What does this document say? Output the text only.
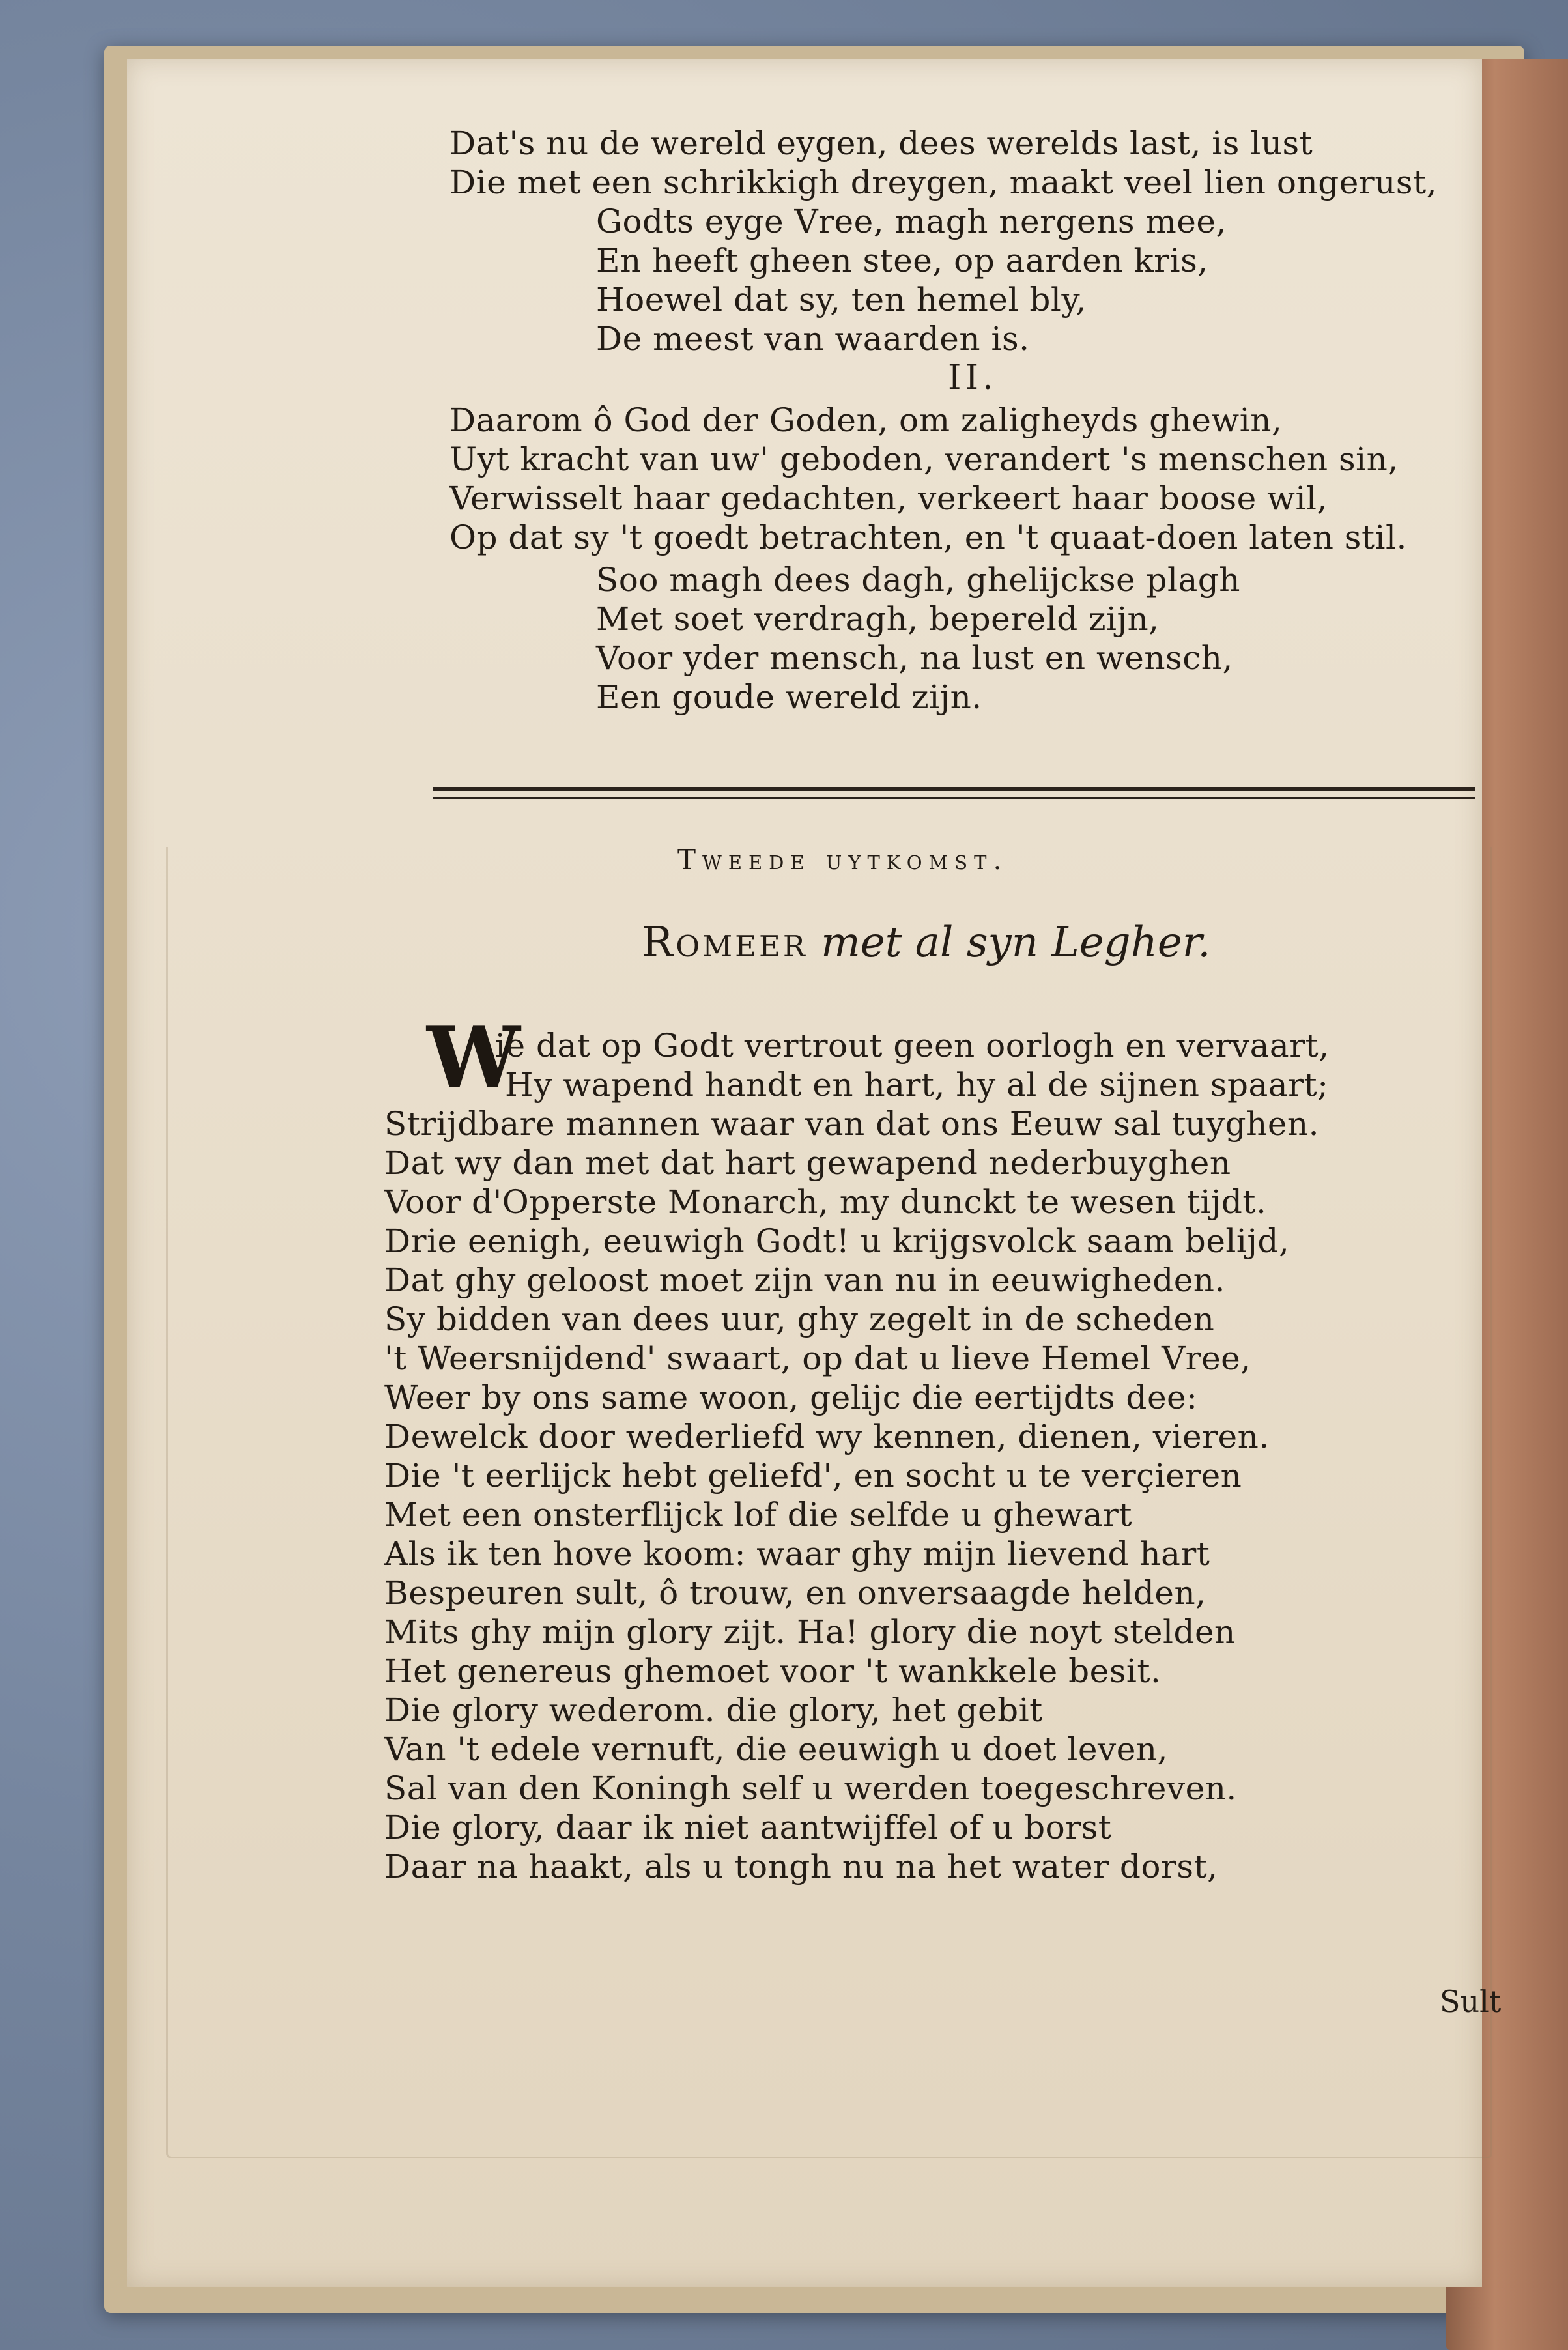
Dat's nu de wereld eygen, dees werelds last, is lust
Die met een schrikkigh dreygen, maakt veel lien ongerust,
Godts eyge Vree, magh nergens mee,
En heeft gheen stee, op aarden kris,
Hoewel dat sy, ten hemel bly,
De meest van waarden is.
II.
Daarom ô God der Goden, om zaligheyds ghewin,
Uyt kracht van uw' geboden, verandert 's menschen sin,
Verwisselt haar gedachten, verkeert haar boose wil,
Op dat sy 't goedt betrachten, en 't quaat-doen laten stil.
Soo magh dees dagh, ghelijckse plagh
Met soet verdragh, bepereld zijn,
Voor yder mensch, na lust en wensch,
Een goude wereld zijn.
Tweede uytkomst.
Romeer met al syn Legher.
W
ie dat op Godt vertrout geen oorlogh en vervaart,
Hy wapend handt en hart, hy al de sijnen spaart;
Strijdbare mannen waar van dat ons Eeuw sal tuyghen.
Dat wy dan met dat hart gewapend nederbuyghen
Voor d'Opperste Monarch, my dunckt te wesen tijdt.
Drie eenigh, eeuwigh Godt! u krijgsvolck saam belijd,
Dat ghy geloost moet zijn van nu in eeuwigheden.
Sy bidden van dees uur, ghy zegelt in de scheden
't Weersnijdend' swaart, op dat u lieve Hemel Vree,
Weer by ons same woon, gelijc die eertijdts dee:
Dewelck door wederliefd wy kennen, dienen, vieren.
Die 't eerlijck hebt geliefd', en socht u te verçieren
Met een onsterflijck lof die selfde u ghewart
Als ik ten hove koom: waar ghy mijn lievend hart
Bespeuren sult, ô trouw, en onversaagde helden,
Mits ghy mijn glory zijt. Ha! glory die noyt stelden
Het genereus ghemoet voor 't wankkele besit.
Die glory wederom. die glory, het gebit
Van 't edele vernuft, die eeuwigh u doet leven,
Sal van den Koningh self u werden toegeschreven.
Die glory, daar ik niet aantwijffel of u borst
Daar na haakt, als u tongh nu na het water dorst,
Sult
